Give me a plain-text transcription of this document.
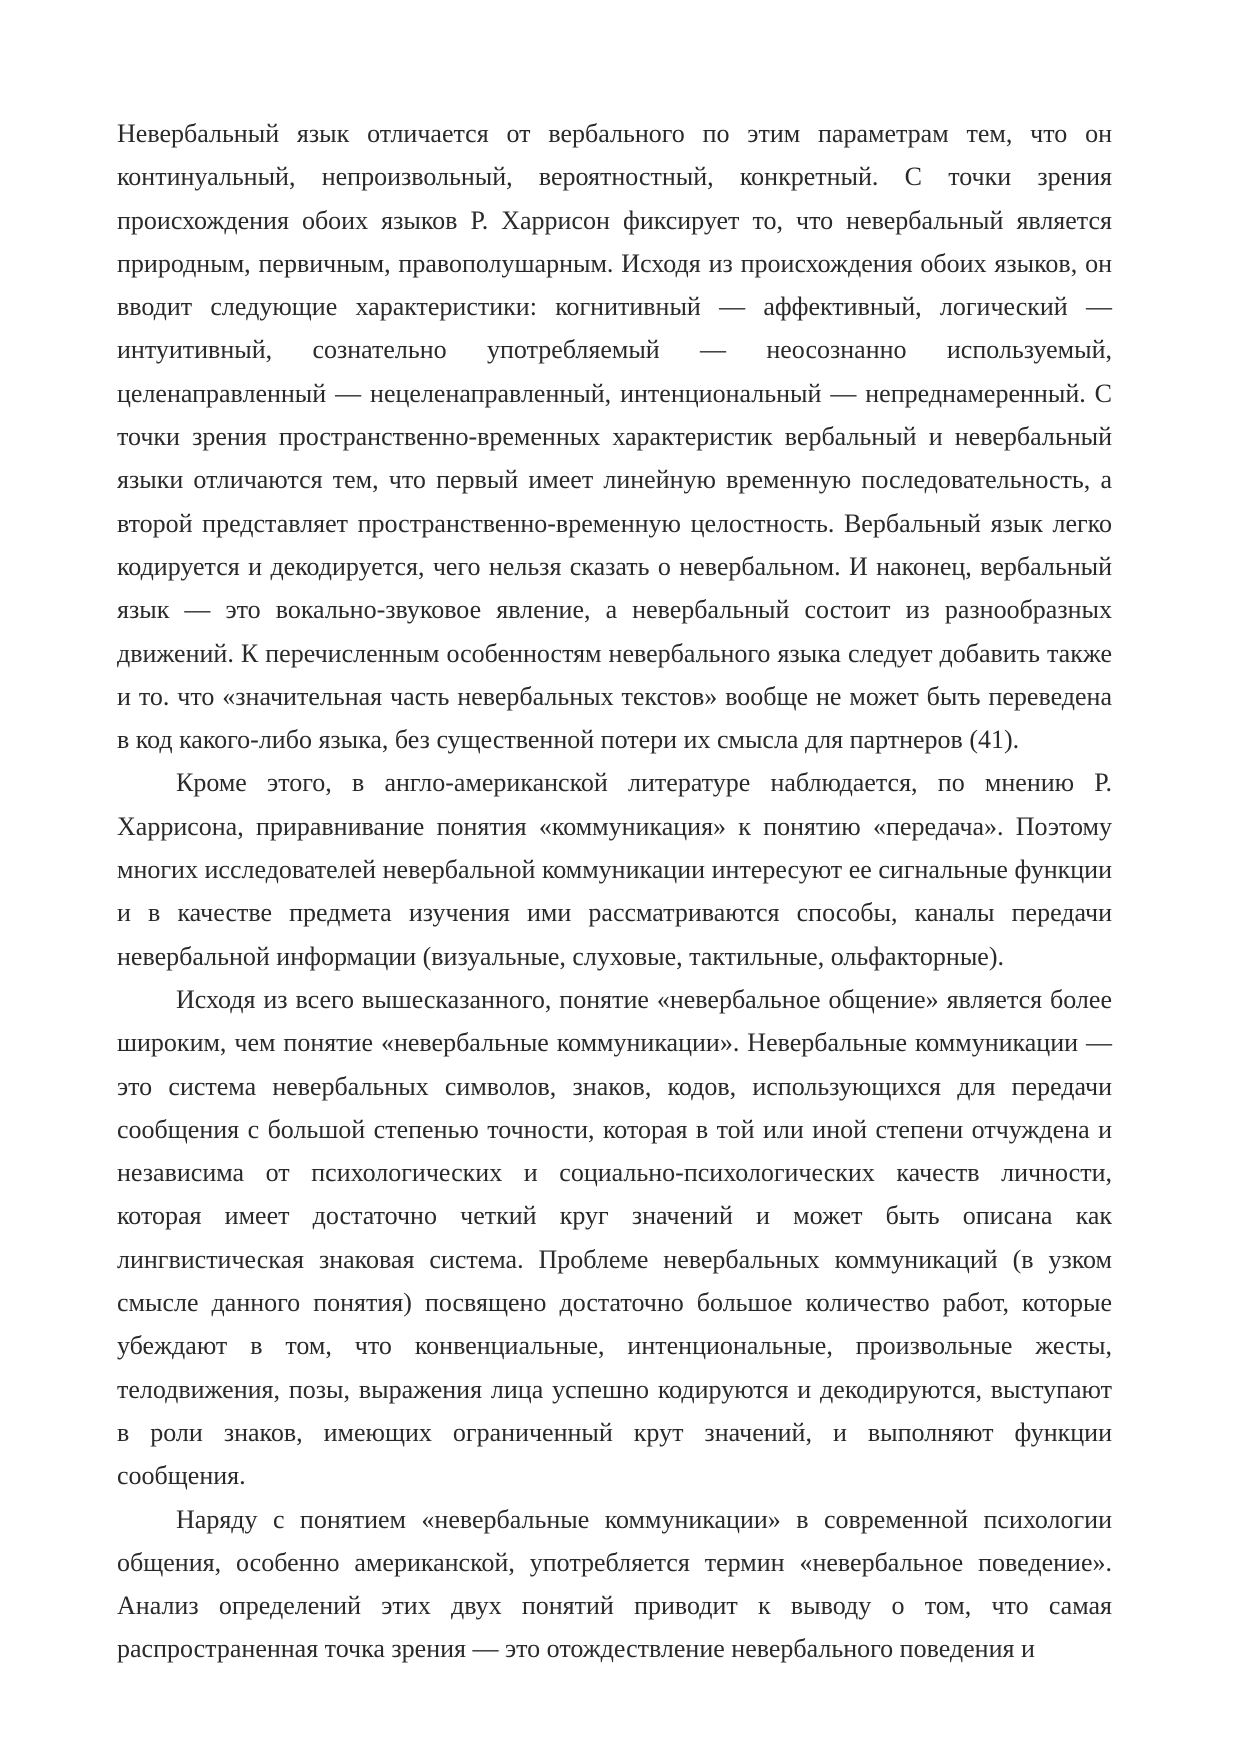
Невербальный язык отличается от вербального по этим параметрам тем, что он континуальный, непроизвольный, вероятностный, конкретный. С точки зрения происхождения обоих языков Р. Харрисон фиксирует то, что невербальный является природным, первичным, правополушарным. Исходя из происхождения обоих языков, он вводит следующие характеристики: когнитивный — аффективный, логический — интуитивный, сознательно употребляемый — неосознанно используемый, целенаправленный — нецеленаправленный, интенциональный — непреднамеренный. С точки зрения пространственно-временных характеристик вербальный и невербальный языки отличаются тем, что первый имеет линейную временную последовательность, а второй представляет пространственно-временную целостность. Вербальный язык легко кодируется и декодируется, чего нельзя сказать о невербальном. И наконец, вербальный язык — это вокально-звуковое явление, а невербальный состоит из разнообразных движений. К перечисленным особенностям невербального языка следует добавить также и то. что «значительная часть невербальных текстов» вообще не может быть переведена в код какого-либо языка, без существенной потери их смысла для партнеров (41).

Кроме этого, в англо-американской литературе наблюдается, по мнению Р. Харрисона, приравнивание понятия «коммуникация» к понятию «передача». Поэтому многих исследователей невербальной коммуникации интересуют ее сигнальные функции и в качестве предмета изучения ими рассматриваются способы, каналы передачи невербальной информации (визуальные, слуховые, тактильные, ольфакторные).

Исходя из всего вышесказанного, понятие «невербальное общение» является более широким, чем понятие «невербальные коммуникации». Невербальные коммуникации — это система невербальных символов, знаков, кодов, использующихся для передачи сообщения с большой степенью точности, которая в той или иной степени отчуждена и независима от психологических и социально-психологических качеств личности, которая имеет достаточно четкий круг значений и может быть описана как лингвистическая знаковая система. Проблеме невербальных коммуникаций (в узком смысле данного понятия) посвящено достаточно большое количество работ, которые убеждают в том, что конвенциальные, интенциональные, произвольные жесты, телодвижения, позы, выражения лица успешно кодируются и декодируются, выступают в роли знаков, имеющих ограниченный крут значений, и выполняют функции сообщения.

Наряду с понятием «невербальные коммуникации» в современной психологии общения, особенно американской, употребляется термин «невербальное поведение». Анализ определений этих двух понятий приводит к выводу о том, что самая распространенная точка зрения — это отождествление невербального поведения и
